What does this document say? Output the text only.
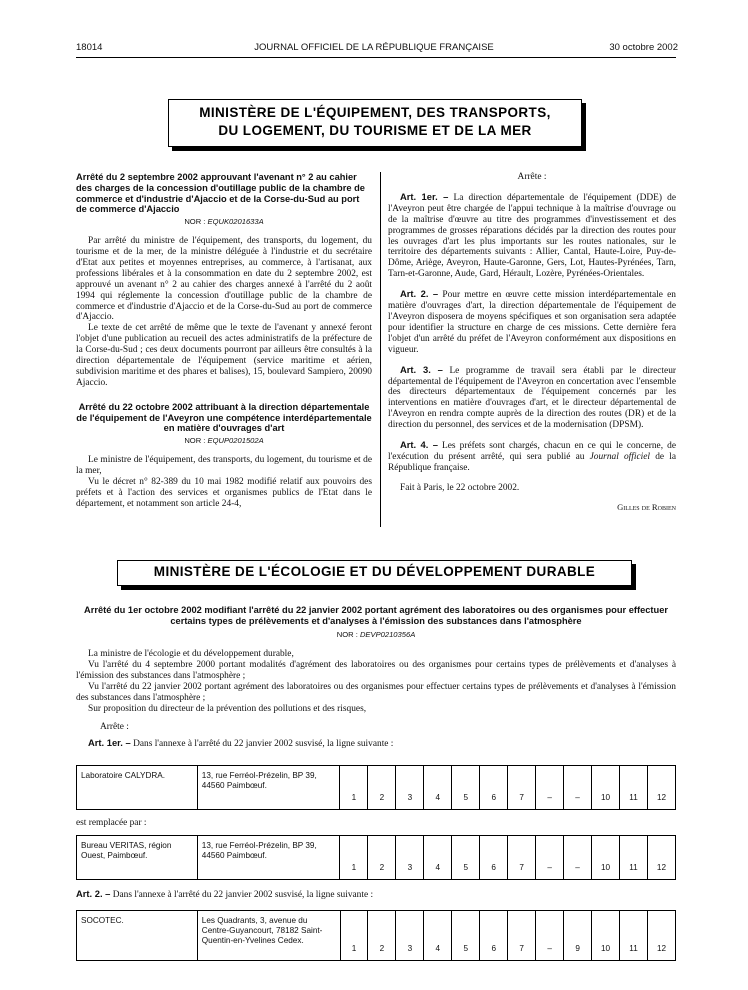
18014	JOURNAL OFFICIEL DE LA RÉPUBLIQUE FRANÇAISE	30 octobre 2002
MINISTÈRE DE L'ÉQUIPEMENT, DES TRANSPORTS,
DU LOGEMENT, DU TOURISME ET DE LA MER
Arrêté du 2 septembre 2002 approuvant l'avenant n° 2 au cahier des charges de la concession d'outillage public de la chambre de commerce et d'industrie d'Ajaccio et de la Corse-du-Sud au port de commerce d'Ajaccio
NOR : EQUK0201633A
Par arrêté du ministre de l'équipement, des transports, du logement, du tourisme et de la mer, de la ministre déléguée à l'industrie et du secrétaire d'Etat aux petites et moyennes entreprises, au commerce, à l'artisanat, aux professions libérales et à la consommation en date du 2 septembre 2002, est approuvé un avenant n° 2 au cahier des charges annexé à l'arrêté du 2 août 1994 qui réglemente la concession d'outillage public de la chambre de commerce et d'industrie d'Ajaccio et de la Corse-du-Sud au port de commerce d'Ajaccio.
Le texte de cet arrêté de même que le texte de l'avenant y annexé feront l'objet d'une publication au recueil des actes administratifs de la préfecture de la Corse-du-Sud ; ces deux documents pourront par ailleurs être consultés à la direction départementale de l'équipement (service maritime et aérien, subdivision maritime et des phares et balises), 15, boulevard Sampiero, 20090 Ajaccio.
Arrêté du 22 octobre 2002 attribuant à la direction départementale de l'équipement de l'Aveyron une compétence interdépartementale en matière d'ouvrages d'art
NOR : EQUP0201502A
Le ministre de l'équipement, des transports, du logement, du tourisme et de la mer,
Vu le décret n° 82-389 du 10 mai 1982 modifié relatif aux pouvoirs des préfets et à l'action des services et organismes publics de l'Etat dans le département, et notamment son article 24-4,
Arrête :
Art. 1er. – La direction départementale de l'équipement (DDE) de l'Aveyron peut être chargée de l'appui technique à la maîtrise d'ouvrage ou de la maîtrise d'œuvre au titre des programmes d'investissement et des programmes de grosses réparations décidés par la direction des routes pour les ouvrages d'art les plus importants sur les routes nationales, sur le territoire des départements suivants : Allier, Cantal, Haute-Loire, Puy-de-Dôme, Ariège, Aveyron, Haute-Garonne, Gers, Lot, Hautes-Pyrénées, Tarn, Tarn-et-Garonne, Aude, Gard, Hérault, Lozère, Pyrénées-Orientales.
Art. 2. – Pour mettre en œuvre cette mission interdépartementale en matière d'ouvrages d'art, la direction départementale de l'équipement de l'Aveyron disposera de moyens spécifiques et son organisation sera adaptée pour identifier la structure en charge de ces missions. Cette dernière fera l'objet d'un arrêté du préfet de l'Aveyron conformément aux dispositions en vigueur.
Art. 3. – Le programme de travail sera établi par le directeur départemental de l'équipement de l'Aveyron en concertation avec l'ensemble des directeurs départementaux de l'équipement concernés par les interventions en matière d'ouvrages d'art, et le directeur départemental de l'Aveyron en rendra compte auprès de la direction des routes (DR) et de la direction du personnel, des services et de la modernisation (DPSM).
Art. 4. – Les préfets sont chargés, chacun en ce qui le concerne, de l'exécution du présent arrêté, qui sera publié au Journal officiel de la République française.
Fait à Paris, le 22 octobre 2002.
Gilles de Robien
MINISTÈRE DE L'ÉCOLOGIE ET DU DÉVELOPPEMENT DURABLE
Arrêté du 1er octobre 2002 modifiant l'arrêté du 22 janvier 2002 portant agrément des laboratoires ou des organismes pour effectuer certains types de prélèvements et d'analyses à l'émission des substances dans l'atmosphère
NOR : DEVP0210356A
La ministre de l'écologie et du développement durable,
Vu l'arrêté du 4 septembre 2000 portant modalités d'agrément des laboratoires ou des organismes pour certains types de prélèvements et d'analyses à l'émission des substances dans l'atmosphère ;
Vu l'arrêté du 22 janvier 2002 portant agrément des laboratoires ou des organismes pour effectuer certains types de prélèvements et d'analyses à l'émission des substances dans l'atmosphère ;
Sur proposition du directeur de la prévention des pollutions et des risques,
Arrête :
Art. 1er. – Dans l'annexe à l'arrêté du 22 janvier 2002 susvisé, la ligne suivante :
Laboratoire CALYDRA.	13, rue Ferréol-Prézelin, BP 39, 44560 Paimbœuf.	1	2	3	4	5	6	7	–	–	10	11	12
est remplacée par :
Bureau VERITAS, région Ouest, Paimbœuf.	13, rue Ferréol-Prézelin, BP 39, 44560 Paimbœuf.	1	2	3	4	5	6	7	–	–	10	11	12
Art. 2. – Dans l'annexe à l'arrêté du 22 janvier 2002 susvisé, la ligne suivante :
SOCOTEC.	Les Quadrants, 3, avenue du Centre-Guyancourt, 78182 Saint-Quentin-en-Yvelines Cedex.	1	2	3	4	5	6	7	–	9	10	11	12
